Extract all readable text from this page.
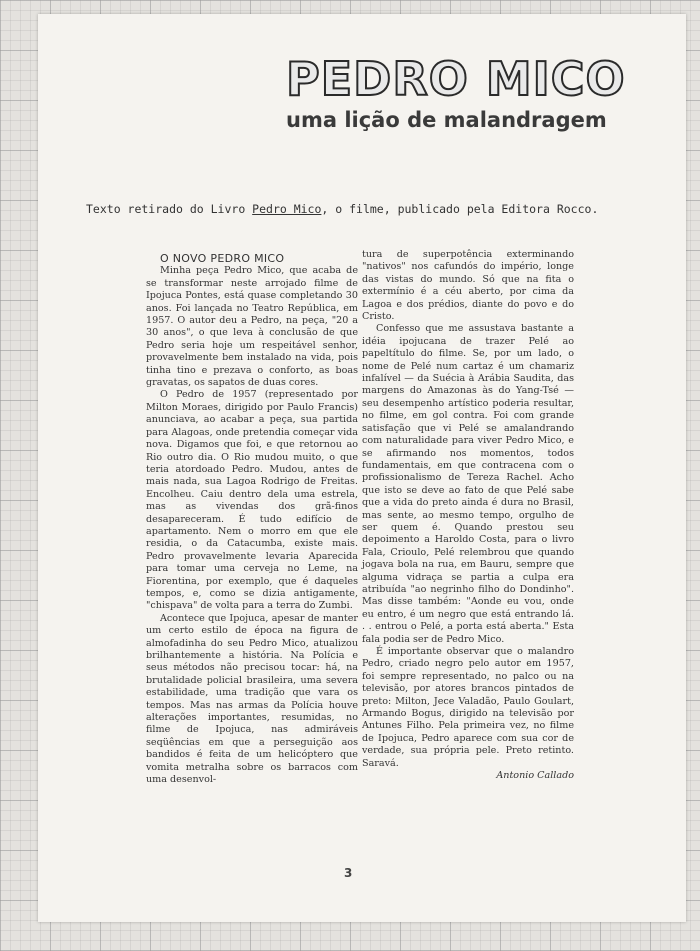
PEDRO MICO
uma lição de malandragem
Texto retirado do Livro Pedro Mico, o filme, publicado pela Editora Rocco.

O NOVO PEDRO MICO

Minha peça Pedro Mico, que acaba de se transformar neste arrojado filme de Ipojuca Pontes, está quase completando 30 anos. Foi lançada no Teatro República, em 1957. O autor deu a Pedro, na peça, "20 a 30 anos", o que leva à conclusão de que Pedro seria hoje um respeitável senhor, provavelmente bem instalado na vida, pois tinha tino e prezava o conforto, as boas gravatas, os sapatos de duas cores.

O Pedro de 1957 (representado por Milton Moraes, dirigido por Paulo Francis) anunciava, ao acabar a peça, sua partida para Alagoas, onde pretendia começar vida nova. Digamos que foi, e que retornou ao Rio outro dia. O Rio mudou muito, o que teria atordoado Pedro. Mudou, antes de mais nada, sua Lagoa Rodrigo de Freitas. Encolheu. Caiu dentro dela uma estrela, mas as vivendas dos grã-finos desapareceram. É tudo edifício de apartamento. Nem o morro em que ele residia, o da Catacumba, existe mais. Pedro provavelmente levaria Aparecida para tomar uma cerveja no Leme, na Fiorentina, por exemplo, que é daqueles tempos, e, como se dizia antigamente, "chispava" de volta para a terra do Zumbi.

Acontece que Ipojuca, apesar de manter um certo estilo de época na figura de almofadinha do seu Pedro Mico, atualizou brilhantemente a história. Na Polícia e seus métodos não precisou tocar: há, na brutalidade policial brasileira, uma severa estabilidade, uma tradição que vara os tempos. Mas nas armas da Polícia houve alterações importantes, resumidas, no filme de Ipojuca, nas admiráveis seqüências em que a perseguição aos bandidos é feita de um helicóptero que vomita metralha sobre os barracos com uma desenvol-

tura de superpotência exterminando "nativos" nos cafundós do império, longe das vistas do mundo. Só que na fita o extermínio é a céu aberto, por cima da Lagoa e dos prédios, diante do povo e do Cristo.

Confesso que me assustava bastante a idéia ipojucana de trazer Pelé ao papeltítulo do filme. Se, por um lado, o nome de Pelé num cartaz é um chamariz infalível — da Suécia à Arábia Saudita, das margens do Amazonas às do Yang-Tsé — seu desempenho artístico poderia resultar, no filme, em gol contra. Foi com grande satisfação que vi Pelé se amalandrando com naturalidade para viver Pedro Mico, e se afirmando nos momentos, todos fundamentais, em que contracena com o profissionalismo de Tereza Rachel. Acho que isto se deve ao fato de que Pelé sabe que a vida do preto ainda é dura no Brasil, mas sente, ao mesmo tempo, orgulho de ser quem é. Quando prestou seu depoimento a Haroldo Costa, para o livro Fala, Crioulo, Pelé relembrou que quando jogava bola na rua, em Bauru, sempre que alguma vidraça se partia a culpa era atribuída "ao negrinho filho do Dondinho". Mas disse também: "Aonde eu vou, onde eu entro, é um negro que está entrando lá. . . entrou o Pelé, a porta está aberta." Esta fala podia ser de Pedro Mico.

É importante observar que o malandro Pedro, criado negro pelo autor em 1957, foi sempre representado, no palco ou na televisão, por atores brancos pintados de preto: Milton, Jece Valadão, Paulo Goulart, Armando Bogus, dirigido na televisão por Antunes Filho. Pela primeira vez, no filme de Ipojuca, Pedro aparece com sua cor de verdade, sua própria pele. Preto retinto. Saravá.

Antonio Callado

3
